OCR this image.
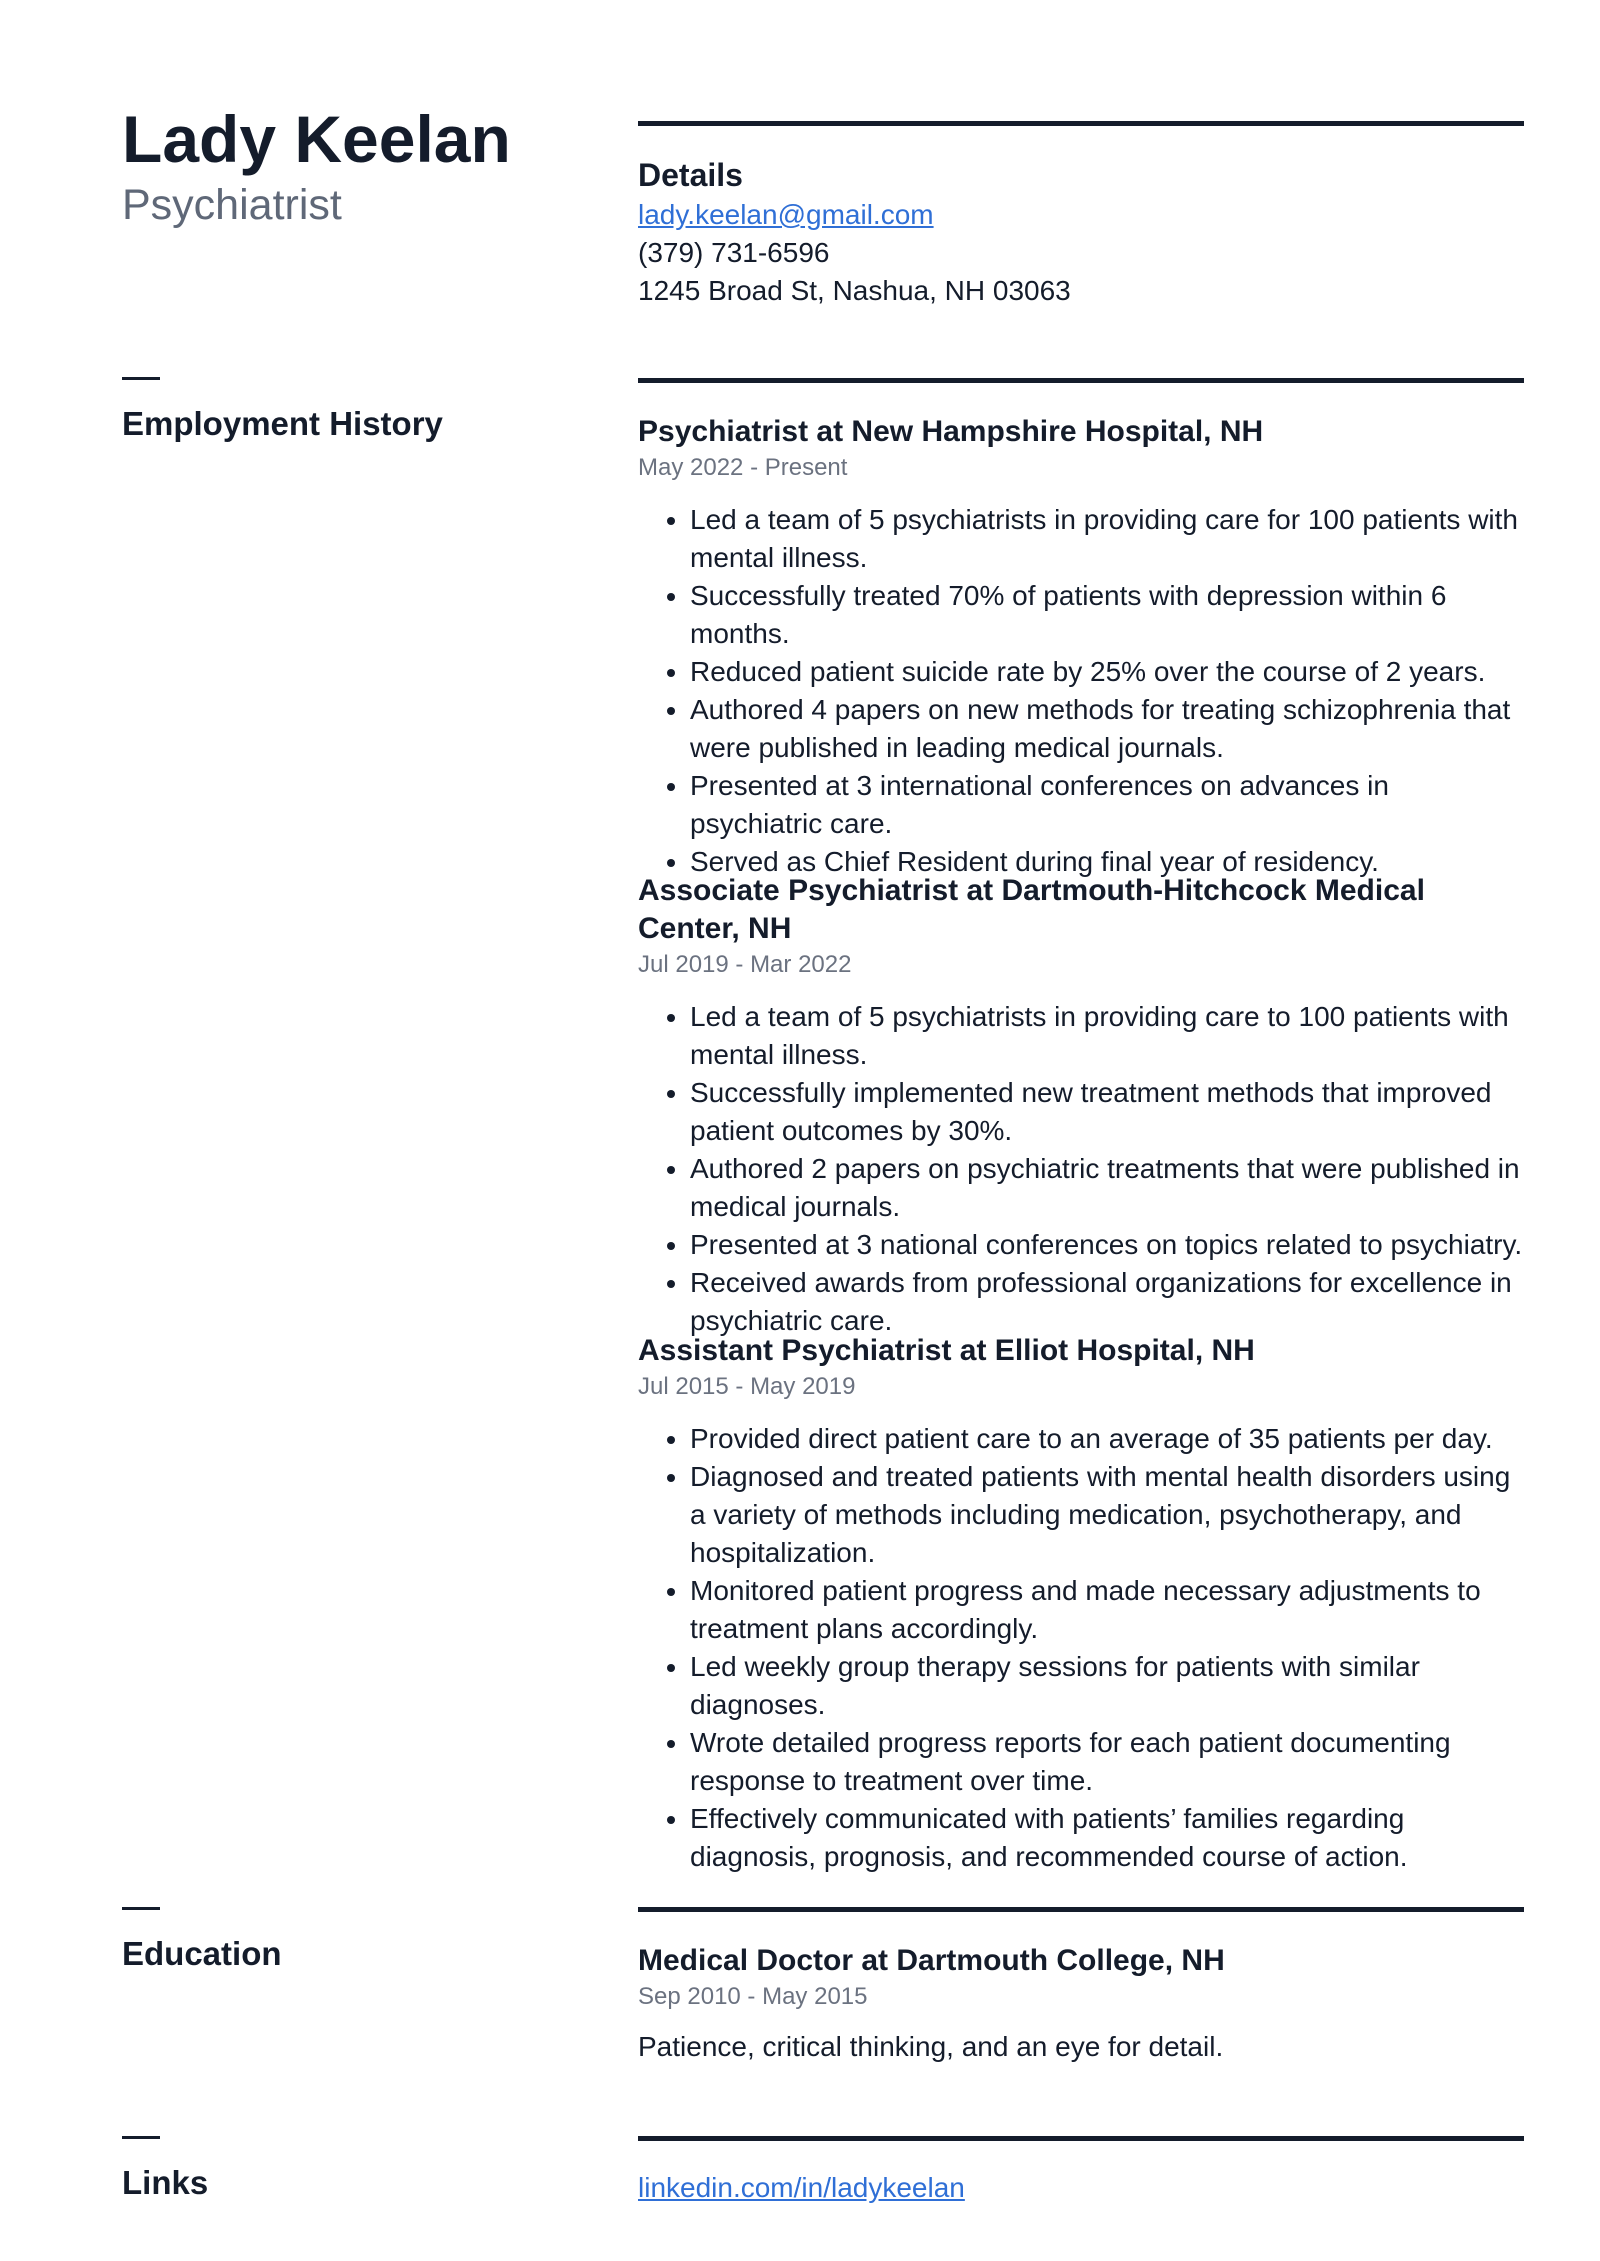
Lady Keelan
Psychiatrist
Details
lady.keelan@gmail.com
(379) 731-6596
1245 Broad St, Nashua, NH 03063
Employment History	Psychiatrist at New Hampshire Hospital, NH
May 2022 - Present
• Led a team of 5 psychiatrists in providing care for 100 patients with mental illness.
• Successfully treated 70% of patients with depression within 6 months.
• Reduced patient suicide rate by 25% over the course of 2 years.
• Authored 4 papers on new methods for treating schizophrenia that were published in leading medical journals.
• Presented at 3 international conferences on advances in psychiatric care.
• Served as Chief Resident during final year of residency.
Associate Psychiatrist at Dartmouth-Hitchcock Medical Center, NH
Jul 2019 - Mar 2022
• Led a team of 5 psychiatrists in providing care to 100 patients with mental illness.
• Successfully implemented new treatment methods that improved patient outcomes by 30%.
• Authored 2 papers on psychiatric treatments that were published in medical journals.
• Presented at 3 national conferences on topics related to psychiatry.
• Received awards from professional organizations for excellence in psychiatric care.
Assistant Psychiatrist at Elliot Hospital, NH
Jul 2015 - May 2019
• Provided direct patient care to an average of 35 patients per day.
• Diagnosed and treated patients with mental health disorders using a variety of methods including medication, psychotherapy, and hospitalization.
• Monitored patient progress and made necessary adjustments to treatment plans accordingly.
• Led weekly group therapy sessions for patients with similar diagnoses.
• Wrote detailed progress reports for each patient documenting response to treatment over time.
• Effectively communicated with patients’ families regarding diagnosis, prognosis, and recommended course of action.
Education	Medical Doctor at Dartmouth College, NH
Sep 2010 - May 2015
Patience, critical thinking, and an eye for detail.
Links	linkedin.com/in/ladykeelan
